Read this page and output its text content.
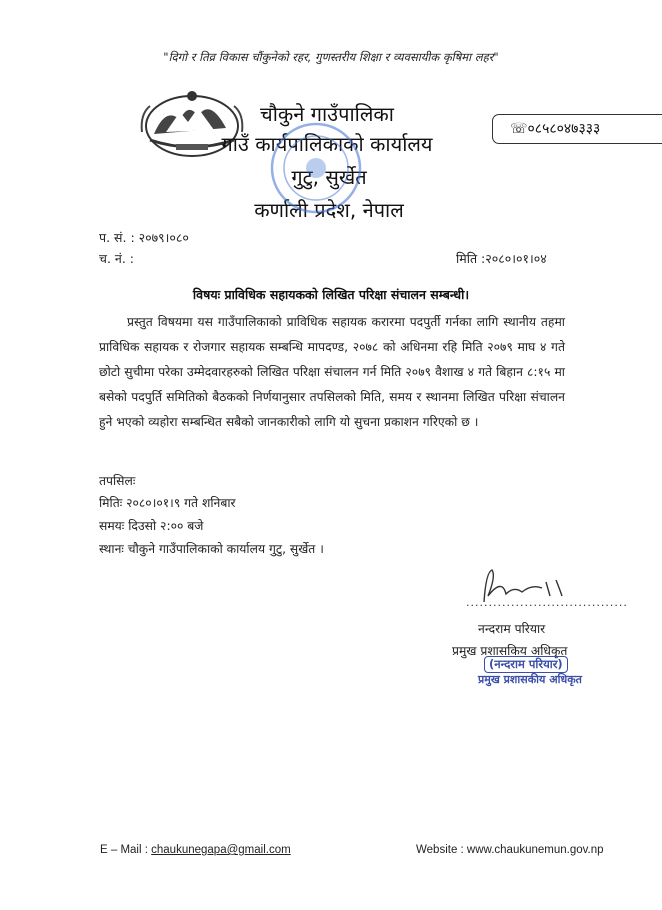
"दिगो र तिव्र विकास चौंकुनेको रहर, गुणस्तरीय शिक्षा र व्यवसायीक कृषिमा लहर"
चौकुने गाउँपालिका
गाउँ कार्यपालिकाको कार्यालय
गुटु, सुर्खेत
कर्णाली प्रदेश, नेपाल
☏०८५८०४७३३३
प. सं. : २०७९।०८०
च. नं. :	मिति :२०८०।०१।०४
विषयः प्राविधिक सहायकको लिखित परिक्षा संचालन सम्बन्धी।
प्रस्तुत विषयमा यस गाउँपालिकाको प्राविधिक सहायक करारमा पदपुर्ती गर्नका लागि स्थानीय तहमा प्राविधिक सहायक र रोजगार सहायक सम्बन्धि मापदण्ड, २०७८ को अधिनमा रहि मिति २०७९ माघ ४ गते छोटो सुचीमा परेका उम्मेदवारहरुको लिखित परिक्षा संचालन गर्न मिति २०७९ वैशाख ४ गते बिहान ८:१५ मा बसेको पदपुर्ति समितिको बैठकको निर्णयानुसार तपसिलको मिति, समय र स्थानमा लिखित परिक्षा संचालन हुने भएको व्यहोरा सम्बन्धित सबैको जानकारीको लागि यो सुचना प्रकाशन गरिएको छ ।
तपसिलः
मितिः २०८०।०१।९ गते शनिबार
समयः दिउसो २:०० बजे
स्थानः चौकुने गाउँपालिकाको कार्यालय गुटु, सुर्खेत ।
....................................
नन्दराम परियार
प्रमुख प्रशासकिय अधिकृत
(नन्दराम परियार)
प्रमुख प्रशासकीय अधिकृत
E – Mail : chaukunegapa@gmail.com	Website : www.chaukunemun.gov.np
